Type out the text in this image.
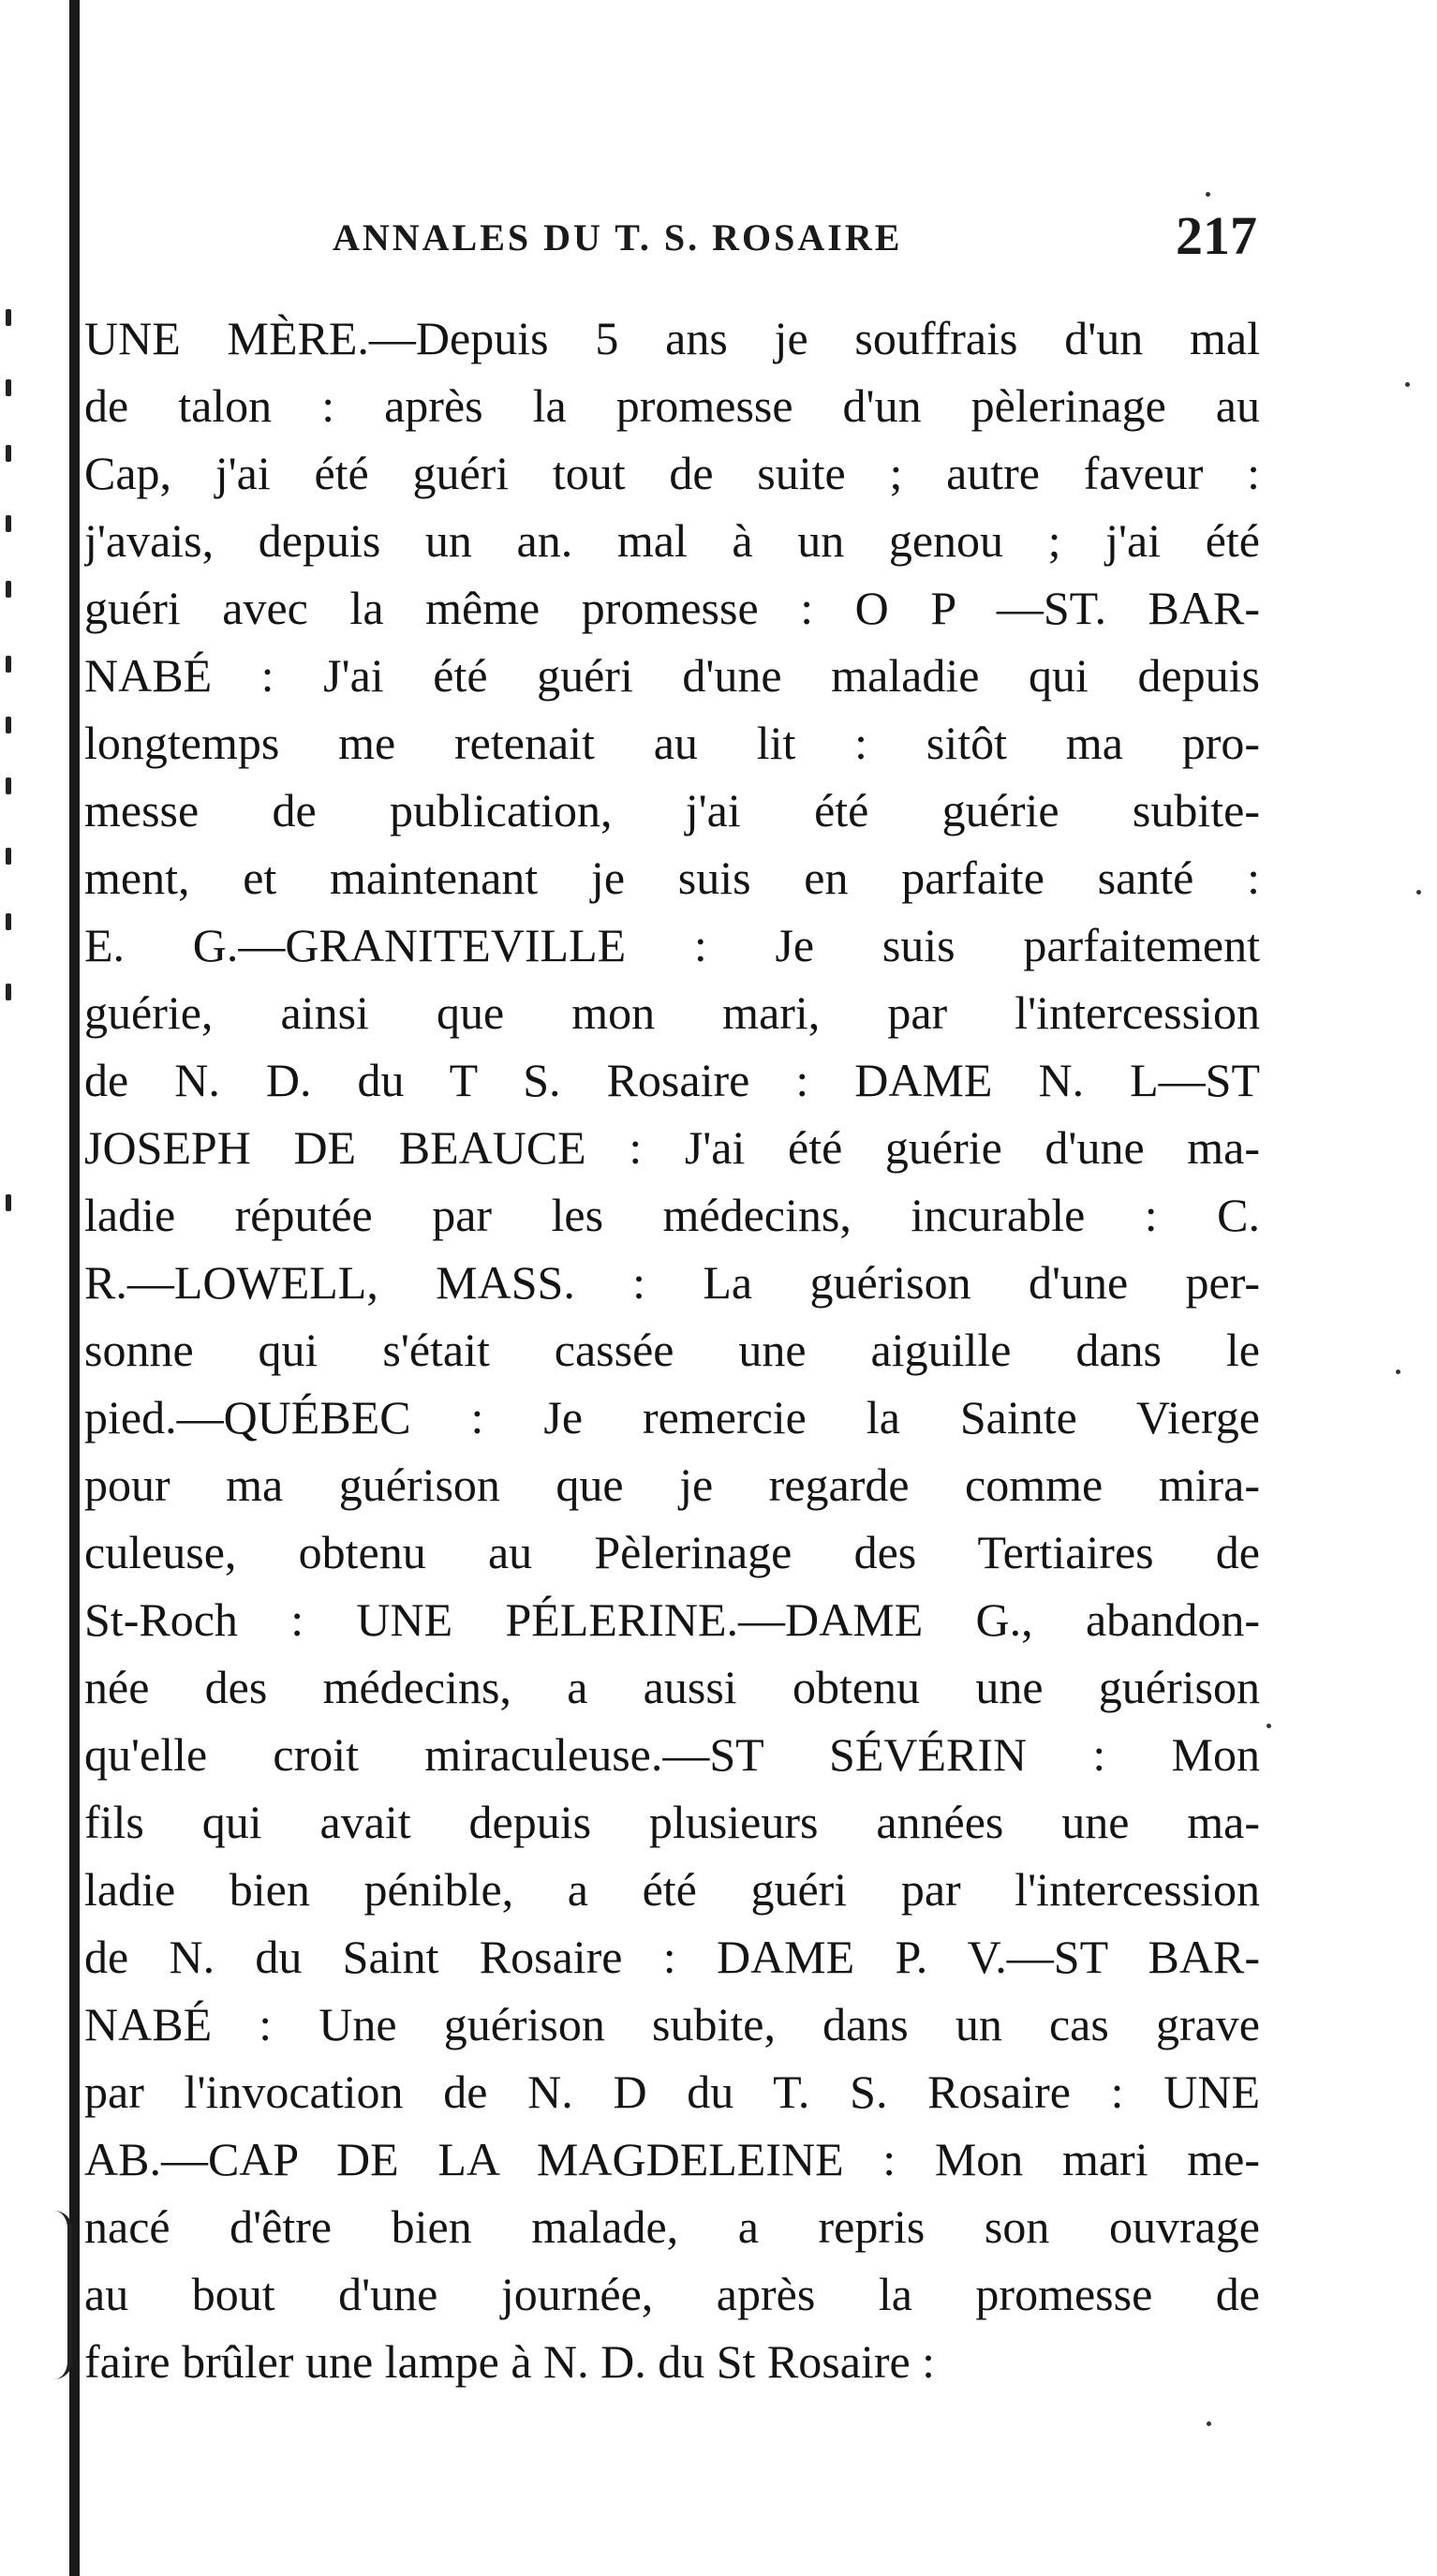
ANNALES DU T. S. ROSAIRE	217
UNE MÈRE.—Depuis 5 ans je souffrais d'un mal
de talon : après la promesse d'un pèlerinage au
Cap, j'ai été guéri tout de suite ; autre faveur :
j'avais, depuis un an. mal à un genou ; j'ai été
guéri avec la même promesse : O P —ST. BAR-
NABÉ : J'ai été guéri d'une maladie qui depuis
longtemps me retenait au lit : sitôt ma pro-
messe de publication, j'ai été guérie subite-
ment, et maintenant je suis en parfaite santé :
E. G.—GRANITEVILLE : Je suis parfaitement
guérie, ainsi que mon mari, par l'intercession
de N. D. du T S. Rosaire : DAME N. L—ST
JOSEPH DE BEAUCE : J'ai été guérie d'une ma-
ladie réputée par les médecins, incurable : C.
R.—LOWELL, MASS. : La guérison d'une per-
sonne qui s'était cassée une aiguille dans le
pied.—QUÉBEC : Je remercie la Sainte Vierge
pour ma guérison que je regarde comme mira-
culeuse, obtenu au Pèlerinage des Tertiaires de
St-Roch : UNE PÉLERINE.—DAME G., abandon-
née des médecins, a aussi obtenu une guérison
qu'elle croit miraculeuse.—ST SÉVÉRIN : Mon
fils qui avait depuis plusieurs années une ma-
ladie bien pénible, a été guéri par l'intercession
de N. du Saint Rosaire : DAME P. V.—ST BAR-
NABÉ : Une guérison subite, dans un cas grave
par l'invocation de N. D du T. S. Rosaire : UNE
AB.—CAP DE LA MAGDELEINE : Mon mari me-
nacé d'être bien malade, a repris son ouvrage
au bout d'une journée, après la promesse de
faire brûler une lampe à N. D. du St Rosaire :
